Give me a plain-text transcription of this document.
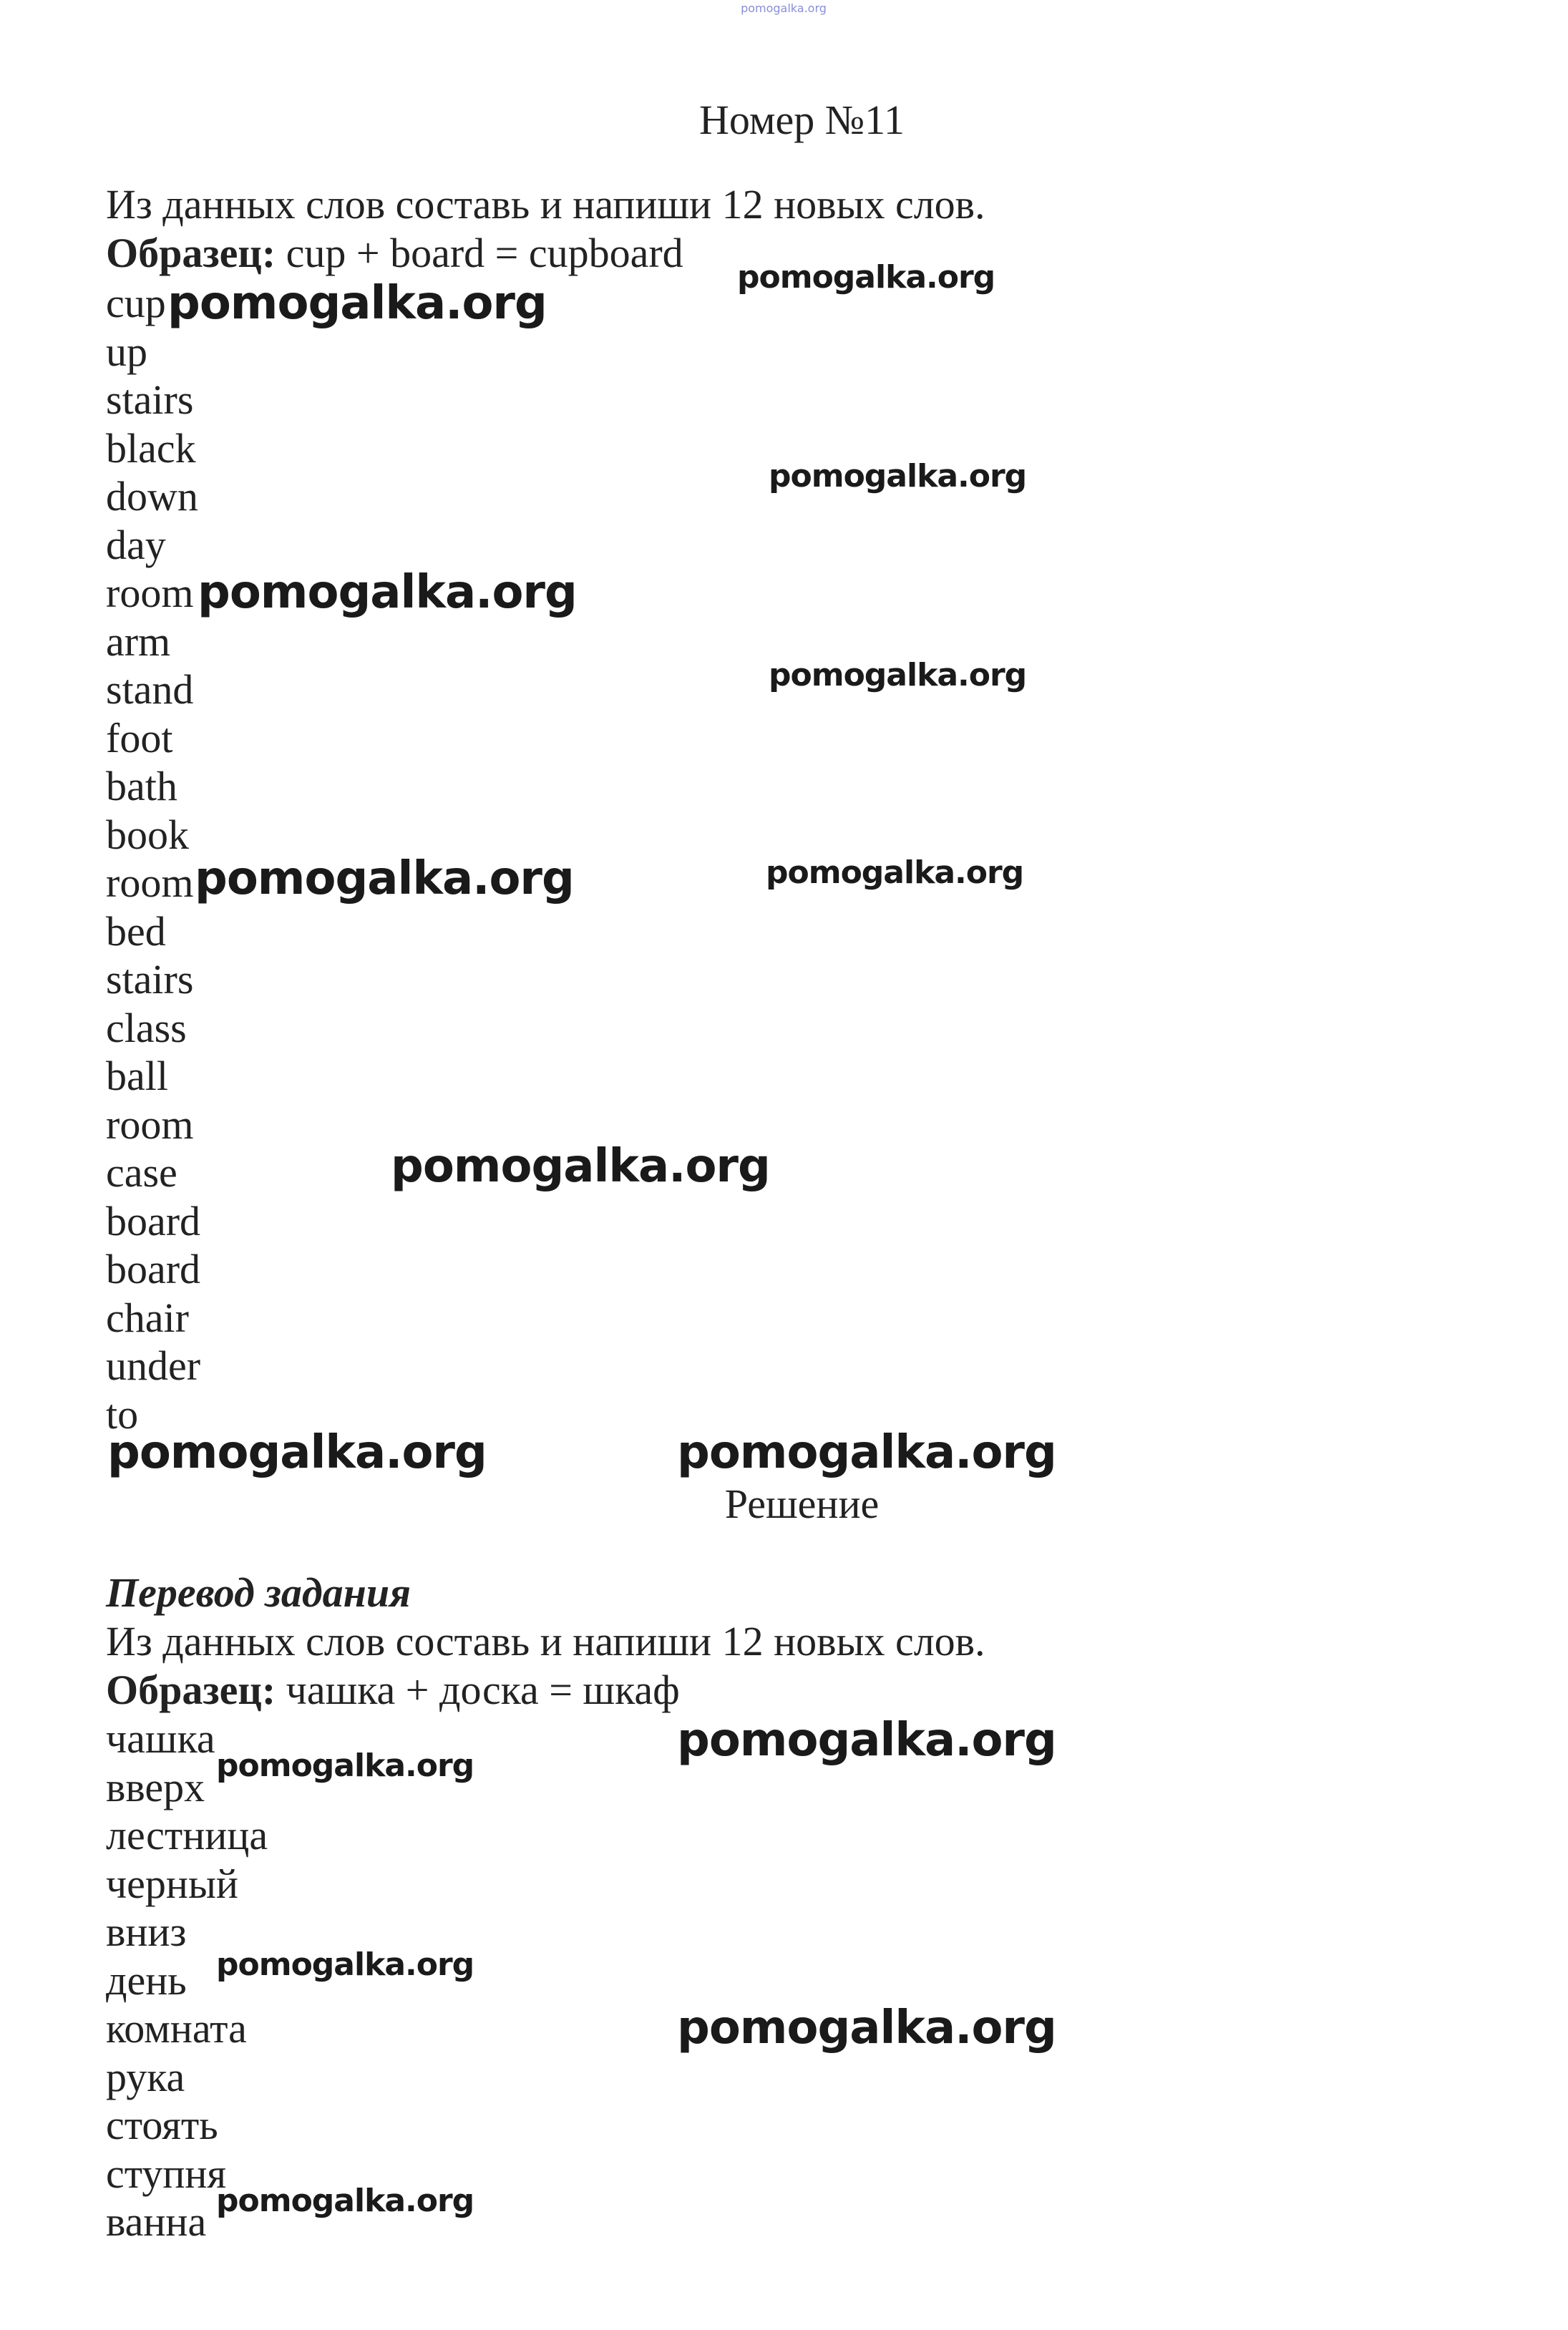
pomogalka.org
Номер №11
Из данных слов составь и напиши 12 новых слов.
Образец: cup + board = cupboard
cup
up
stairs
black
down
day
room
arm
stand
foot
bath
book
room
bed
stairs
class
ball
room
case
board
board
chair
under
to
Решение
Перевод задания
Из данных слов составь и напиши 12 новых слов.
Образец: чашка + доска = шкаф
чашка
вверх
лестница
черный
вниз
день
комната
рука
стоять
ступня
ванна
pomogalka.org	pomogalka.org
pomogalka.org
pomogalka.org
pomogalka.org
pomogalka.org
pomogalka.org
pomogalka.org
pomogalka.org	pomogalka.org
pomogalka.org
pomogalka.org
pomogalka.org
pomogalka.org
pomogalka.org
